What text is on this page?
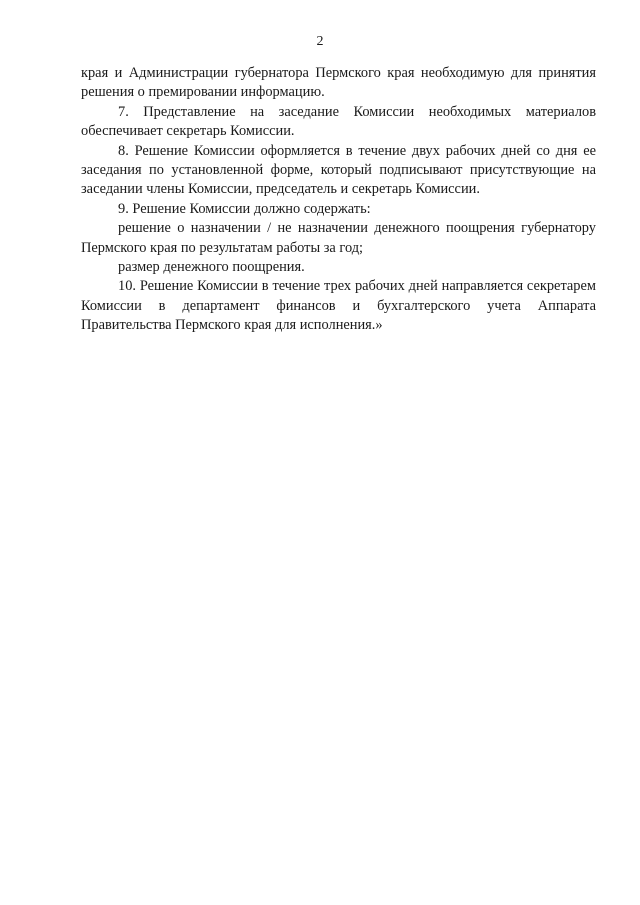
2

края и Администрации губернатора Пермского края необходимую для принятия решения о премировании информацию.

7. Представление на заседание Комиссии необходимых материалов обеспечивает секретарь Комиссии.

8. Решение Комиссии оформляется в течение двух рабочих дней со дня ее заседания по установленной форме, который подписывают присутствующие на заседании члены Комиссии, председатель и секретарь Комиссии.

9. Решение Комиссии должно содержать:

решение о назначении / не назначении денежного поощрения губернатору Пермского края по результатам работы за год;

размер денежного поощрения.

10. Решение Комиссии в течение трех рабочих дней направляется секретарем Комиссии в департамент финансов и бухгалтерского учета Аппарата Правительства Пермского края для исполнения.»
